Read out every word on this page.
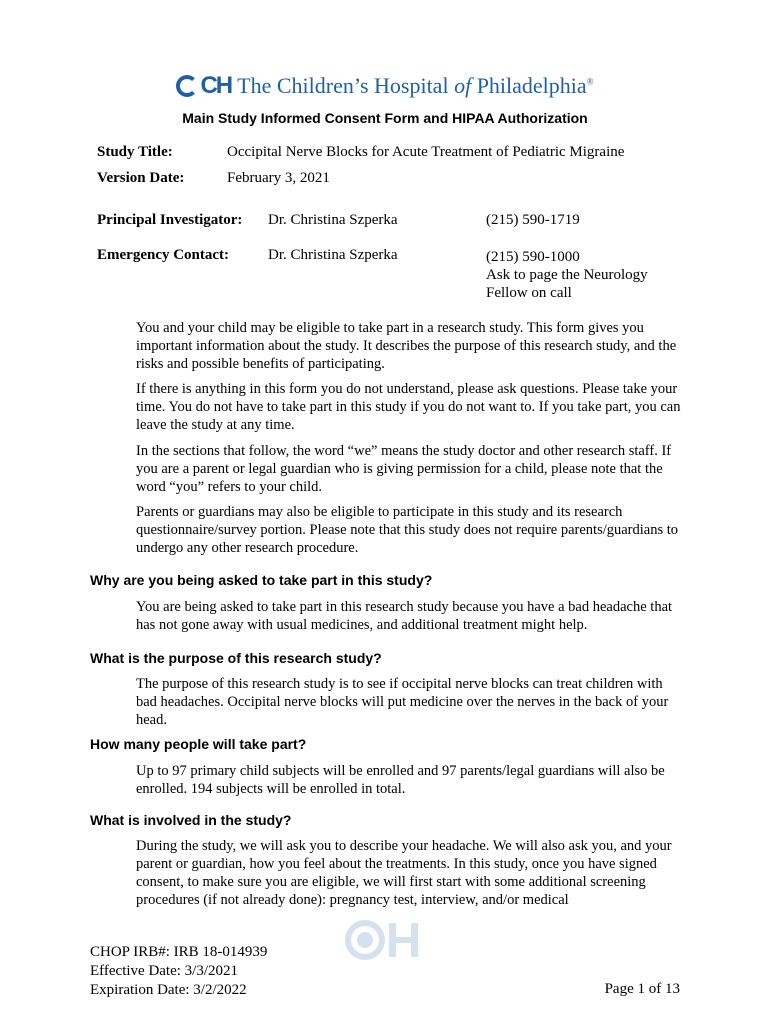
CH The Children’s Hospital of Philadelphia®
Main Study Informed Consent Form and HIPAA Authorization
Study Title:	Occipital Nerve Blocks for Acute Treatment of Pediatric Migraine
Version Date:	February 3, 2021
Principal Investigator: Dr. Christina Szperka	(215) 590-1719
Emergency Contact:	Dr. Christina Szperka	(215) 590-1000
Ask to page the Neurology
Fellow on call
You and your child may be eligible to take part in a research study. This form gives you important information about the study. It describes the purpose of this research study, and the risks and possible benefits of participating.
If there is anything in this form you do not understand, please ask questions. Please take your time. You do not have to take part in this study if you do not want to. If you take part, you can leave the study at any time.
In the sections that follow, the word “we” means the study doctor and other research staff. If you are a parent or legal guardian who is giving permission for a child, please note that the word “you” refers to your child.
Parents or guardians may also be eligible to participate in this study and its research questionnaire/survey portion. Please note that this study does not require parents/guardians to undergo any other research procedure.
Why are you being asked to take part in this study?
You are being asked to take part in this research study because you have a bad headache that has not gone away with usual medicines, and additional treatment might help.
What is the purpose of this research study?
The purpose of this research study is to see if occipital nerve blocks can treat children with bad headaches. Occipital nerve blocks will put medicine over the nerves in the back of your head.
How many people will take part?
Up to 97 primary child subjects will be enrolled and 97 parents/legal guardians will also be enrolled. 194 subjects will be enrolled in total.
What is involved in the study?
During the study, we will ask you to describe your headache. We will also ask you, and your parent or guardian, how you feel about the treatments. In this study, once you have signed consent, to make sure you are eligible, we will first start with some additional screening procedures (if not already done): pregnancy test, interview, and/or medical
CHOP IRB#: IRB 18-014939
Effective Date: 3/3/2021
Expiration Date: 3/2/2022	Page 1 of 13
